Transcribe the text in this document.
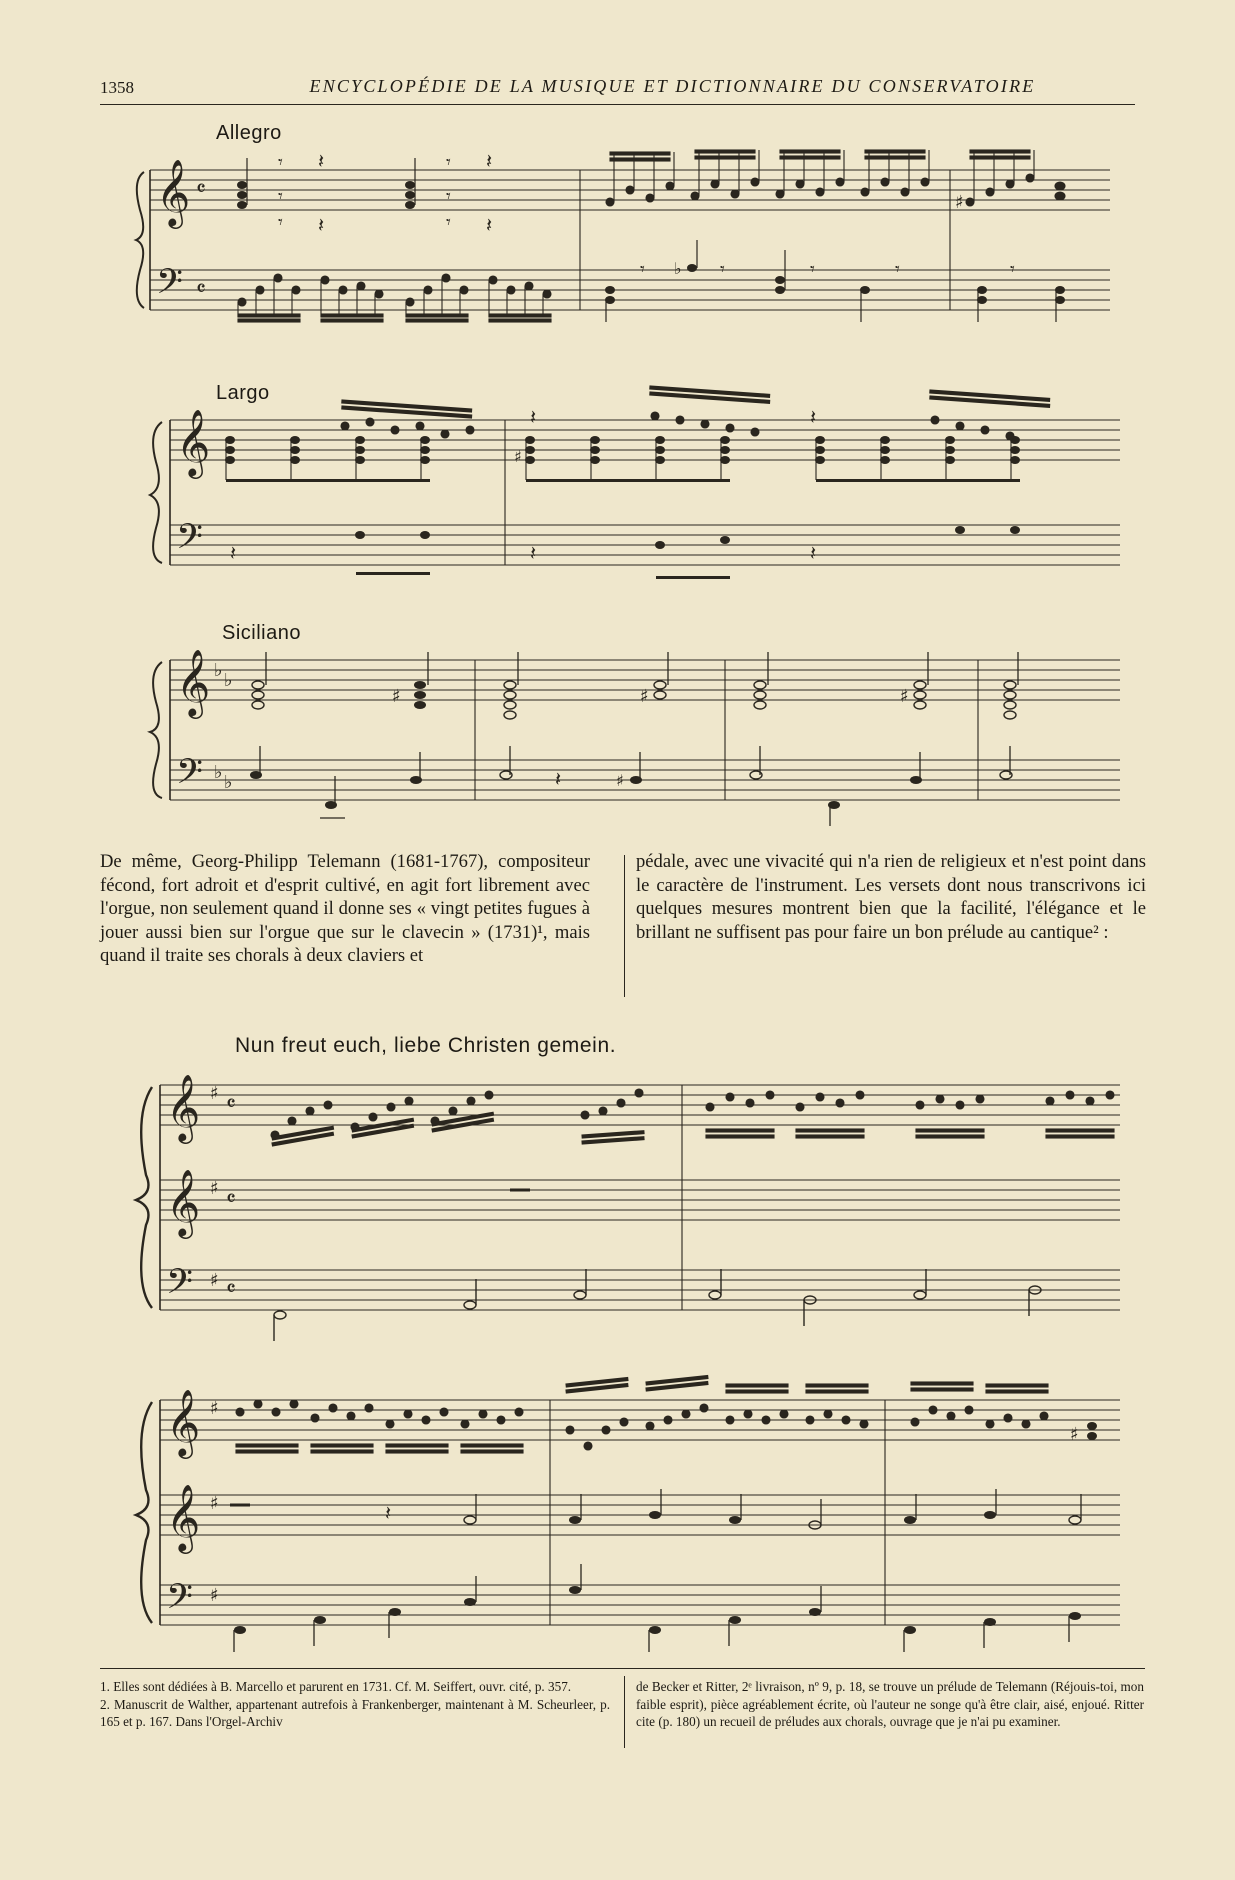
1358	ENCYCLOPÉDIE DE LA MUSIQUE ET DICTIONNAIRE DU CONSERVATOIRE
Allegro
𝄞
𝄢
𝄴
𝄴
𝄾 𝄽	𝄾 𝄽
𝄾	𝄾
𝄾 𝄽	𝄾 𝄽
♯
𝄾 ♭ 𝄾	𝄾	𝄾	𝄾
Largo
𝄞
𝄢
♯
𝄽	𝄽
𝄽	𝄽	𝄽
Siciliano
𝄞
𝄢
♭ ♭
♭ ♭
♯	♯	♯
𝄽	♯
De même, Georg-Philipp Telemann (1681-1767), compositeur fécond, fort adroit et d'esprit cultivé, en agit fort librement avec l'orgue, non seulement quand il donne ses « vingt petites fugues à jouer aussi bien sur l'orgue que sur le clavecin » (1731)¹, mais quand il traite ses chorals à deux claviers et
pédale, avec une vivacité qui n'a rien de religieux et n'est point dans le caractère de l'instrument. Les versets dont nous transcrivons ici quelques mesures montrent bien que la facilité, l'élégance et le brillant ne suffisent pas pour faire un bon prélude au cantique² :
Nun freut euch, liebe Christen gemein.
𝄞
𝄞
𝄢
♯
♯
♯
𝄴
𝄴
𝄴
𝄞
𝄞
𝄢
♯
♯
♯
♯
𝄽

1. Elles sont dédiées à B. Marcello et parurent en 1731. Cf. M. Seiffert, ouvr. cité, p. 357.

2. Manuscrit de Walther, appartenant autrefois à Frankenberger, maintenant à M. Scheurleer, p. 165 et p. 167. Dans l'Orgel-Archiv

de Becker et Ritter, 2ᵉ livraison, nº 9, p. 18, se trouve un prélude de Telemann (Réjouis-toi, mon faible esprit), pièce agréablement écrite, où l'auteur ne songe qu'à être clair, aisé, enjoué. Ritter cite (p. 180) un recueil de préludes aux chorals, ouvrage que je n'ai pu examiner.
